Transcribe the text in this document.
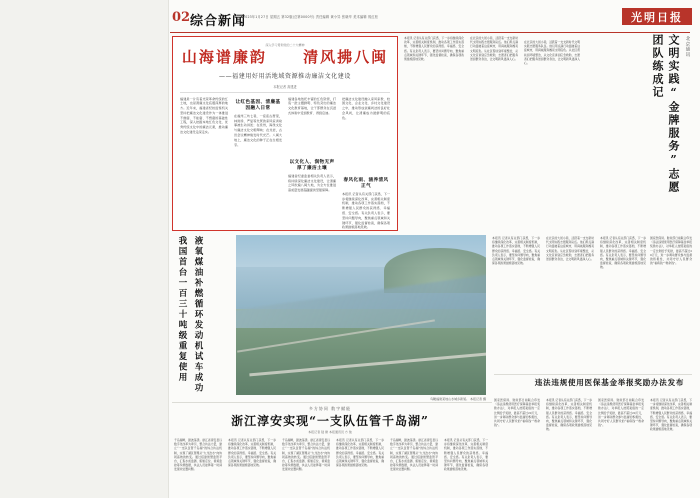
02 综合新闻
2023年1月27日 星期五 第32版(总第0000号) 责任编辑 黄小异 张晓华 美术编辑 郭红松	光明日报
深入学习贯彻党的二十大精神
山海谱廉韵 清风拂八闽
——福建用好用活地域资源推动廉洁文化建设
本报记者 高建进
福建是一片有着光荣革命传统的红土地，也是清廉文化底蕴深厚的地方。近年来，福建省纪检监察机关坚持把廉洁文化建设作为一体推进不敢腐、不能腐、不想腐的基础性工程，深入挖掘本地红色文化、优秀传统文化中的廉洁元素，推动廉洁文化建设走深走实。
让红色基因、清廉基因融入日常
在福州三坊七巷，一座座古厝里，林则徐、严复等先贤的家风家训故事被生动讲述；在泉州，海丝文化与廉洁文化交相辉映；在龙岩，古田会议精神焕发时代光芒。八闽大地上，廉洁文化的种子正在生根发芽。
福建各地依托丰富的红色资源，打造一批主题鲜明、特色突出的廉洁文化教育基地，让干部群众在沉浸式体验中受到教育、得到启迪。
以文化人、润物无声厚了廉洁土壤
福建省纪委监委相关负责人表示，将持续深化廉洁文化建设，让清廉之风吹遍八闽大地，为全方位推进高质量发展超越提供坚强保障。
把廉洁文化建设融入家风家教、校园文化、企业文化、乡村文化建设之中，推动形成崇廉尚洁的良好社会风尚，让清廉成为最鲜明的底色。
春风化雨、涵养清风正气
本报讯 记者从有关部门获悉，下一步将继续深化改革，完善相关制度机制，推动各项工作落实落细，不断增强人民群众的获得感、幸福感、安全感。有关负责人表示，要坚持问题导向，聚焦重点领域和关键环节，强化监督检查，确保各项政策措施落地见效。
本报讯 记者从有关部门获悉，下一步将继续深化改革，完善相关制度机制，推动各项工作落实落细，不断增强人民群众的获得感、幸福感、安全感。有关负责人表示，要坚持问题导向，聚焦重点领域和关键环节，强化监督检查，确保各项政策措施落地见效。
在北京的大街小巷，活跃着一支支新时代文明实践志愿服务队伍。他们用点滴行动温暖着这座城市，用真诚服务擦亮文明底色。从社区帮扶到环境整治，从文化宣讲到应急救助，志愿者们把服务送到群众身边，让文明新风浸润人心。
北京通讯
文明实践“金牌服务”志愿团队练成记
在北京的大街小巷，活跃着一支支新时代文明实践志愿服务队伍。他们用点滴行动温暖着这座城市，用真诚服务擦亮文明底色。从社区帮扶到环境整治，从文化宣讲到应急救助，志愿者们把服务送到群众身边，让文明新风浸润人心。
本报讯 记者从有关部门获悉，下一步将继续深化改革，完善相关制度机制，推动各项工作落实落细，不断增强人民群众的获得感、幸福感、安全感。有关负责人表示，要坚持问题导向，聚焦重点领域和关键环节，强化监督检查，确保各项政策措施落地见效。
在北京的大街小巷，活跃着一支支新时代文明实践志愿服务队伍。他们用点滴行动温暖着这座城市，用真诚服务擦亮文明底色。从社区帮扶到环境整治，从文化宣讲到应急救助，志愿者们把服务送到群众身边，让文明新风浸润人心。
本报讯 记者从有关部门获悉，下一步将继续深化改革，完善相关制度机制，推动各项工作落实落细，不断增强人民群众的获得感、幸福感、安全感。有关负责人表示，要坚持问题导向，聚焦重点领域和关键环节，强化监督检查，确保各项政策措施落地见效。
国家医保局、财政部日前联合印发《违法违规使用医疗保障基金举报奖励办法》，对举报人按照案值的一定比例给予奖励，最高不超过20万元，进一步调动群众参与监督的积极性，共同守好人民群众的“看病钱”“救命钱”。
鸟瞰福建某地山水城乡新貌。 本报记者 摄
液氧煤油补燃循环发动机试车成功
我国首台一百三十吨级重复使用
多方协同 数字赋能
浙江淳安实现“一支队伍管千岛湖”
本报记者 陆 健 本报通讯员 方 俊
千岛湖畔，碧波荡漾。浙江省淳安县以数字化改革为牵引，整合执法力量，建立“一支队伍管千岛湖”的综合执法机制，实现了湖区管理从“九龙治水”向协同高效的转变。通过搭建智慧监管平台，汇集水质监测、船舶定位、视频监控等多源数据，执法人员能够第一时间发现并处置问题。
本报讯 记者从有关部门获悉，下一步将继续深化改革，完善相关制度机制，推动各项工作落实落细，不断增强人民群众的获得感、幸福感、安全感。有关负责人表示，要坚持问题导向，聚焦重点领域和关键环节，强化监督检查，确保各项政策措施落地见效。
千岛湖畔，碧波荡漾。浙江省淳安县以数字化改革为牵引，整合执法力量，建立“一支队伍管千岛湖”的综合执法机制，实现了湖区管理从“九龙治水”向协同高效的转变。通过搭建智慧监管平台，汇集水质监测、船舶定位、视频监控等多源数据，执法人员能够第一时间发现并处置问题。
本报讯 记者从有关部门获悉，下一步将继续深化改革，完善相关制度机制，推动各项工作落实落细，不断增强人民群众的获得感、幸福感、安全感。有关负责人表示，要坚持问题导向，聚焦重点领域和关键环节，强化监督检查，确保各项政策措施落地见效。
千岛湖畔，碧波荡漾。浙江省淳安县以数字化改革为牵引，整合执法力量，建立“一支队伍管千岛湖”的综合执法机制，实现了湖区管理从“九龙治水”向协同高效的转变。通过搭建智慧监管平台，汇集水质监测、船舶定位、视频监控等多源数据，执法人员能够第一时间发现并处置问题。
本报讯 记者从有关部门获悉，下一步将继续深化改革，完善相关制度机制，推动各项工作落实落细，不断增强人民群众的获得感、幸福感、安全感。有关负责人表示，要坚持问题导向，聚焦重点领域和关键环节，强化监督检查，确保各项政策措施落地见效。
违法违规使用医保基金举报奖励办法发布
国家医保局、财政部日前联合印发《违法违规使用医疗保障基金举报奖励办法》，对举报人按照案值的一定比例给予奖励，最高不超过20万元，进一步调动群众参与监督的积极性，共同守好人民群众的“看病钱”“救命钱”。
本报讯 记者从有关部门获悉，下一步将继续深化改革，完善相关制度机制，推动各项工作落实落细，不断增强人民群众的获得感、幸福感、安全感。有关负责人表示，要坚持问题导向，聚焦重点领域和关键环节，强化监督检查，确保各项政策措施落地见效。
国家医保局、财政部日前联合印发《违法违规使用医疗保障基金举报奖励办法》，对举报人按照案值的一定比例给予奖励，最高不超过20万元，进一步调动群众参与监督的积极性，共同守好人民群众的“看病钱”“救命钱”。
本报讯 记者从有关部门获悉，下一步将继续深化改革，完善相关制度机制，推动各项工作落实落细，不断增强人民群众的获得感、幸福感、安全感。有关负责人表示，要坚持问题导向，聚焦重点领域和关键环节，强化监督检查，确保各项政策措施落地见效。
